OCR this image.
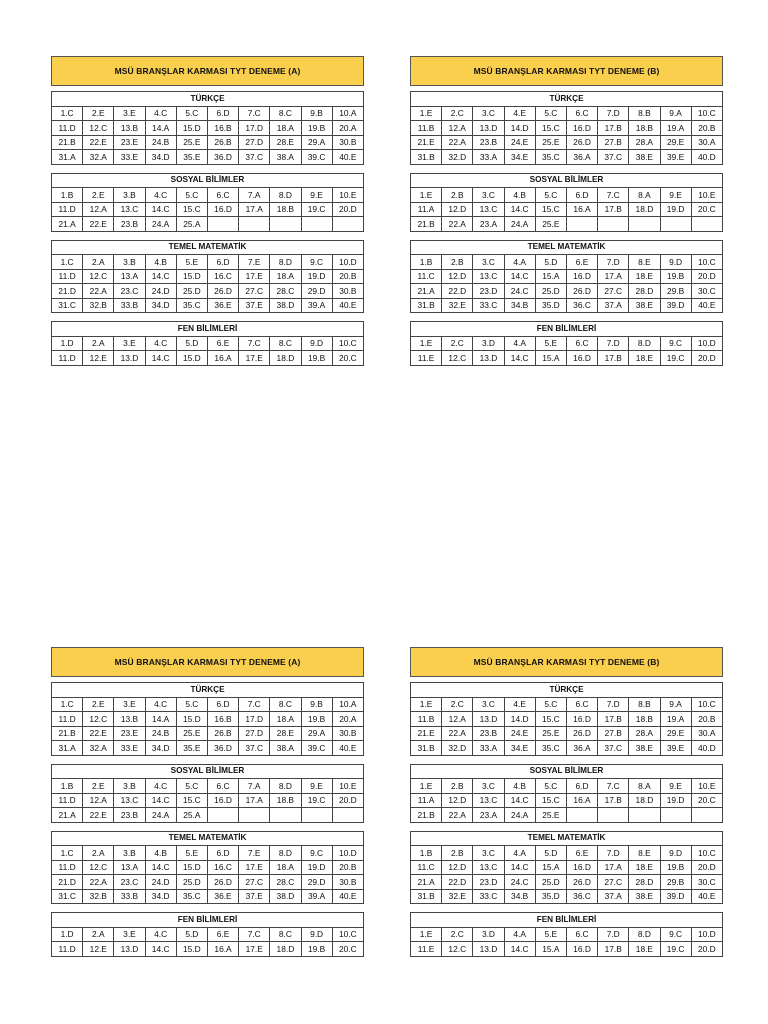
MSÜ BRANŞLAR KARMASI TYT DENEME (A)
TÜRKÇE									
1.C	2.E	3.E	4.C	5.C	6.D	7.C	8.C	9.B	10.A
11.D	12.C	13.B	14.A	15.D	16.B	17.D	18.A	19.B	20.A
21.B	22.E	23.E	24.B	25.E	26.B	27.D	28.E	29.A	30.B
31.A	32.A	33.E	34.D	35.E	36.D	37.C	38.A	39.C	40.E
SOSYAL BİLİMLER									
1.B	2.E	3.B	4.C	5.C	6.C	7.A	8.D	9.E	10.E
11.D	12.A	13.C	14.C	15.C	16.D	17.A	18.B	19.C	20.D
21.A	22.E	23.B	24.A	25.A					
TEMEL MATEMATİK									
1.C	2.A	3.B	4.B	5.E	6.D	7.E	8.D	9.C	10.D
11.D	12.C	13.A	14.C	15.D	16.C	17.E	18.A	19.D	20.B
21.D	22.A	23.C	24.D	25.D	26.D	27.C	28.C	29.D	30.B
31.C	32.B	33.B	34.D	35.C	36.E	37.E	38.D	39.A	40.E
FEN BİLİMLERİ									
1.D	2.A	3.E	4.C	5.D	6.E	7.C	8.C	9.D	10.C
11.D	12.E	13.D	14.C	15.D	16.A	17.E	18.D	19.B	20.C
MSÜ BRANŞLAR KARMASI TYT DENEME (B)
TÜRKÇE									
1.E	2.C	3.C	4.E	5.C	6.C	7.D	8.B	9.A	10.C
11.B	12.A	13.D	14.D	15.C	16.D	17.B	18.B	19.A	20.B
21.E	22.A	23.B	24.E	25.E	26.D	27.B	28.A	29.E	30.A
31.B	32.D	33.A	34.E	35.C	36.A	37.C	38.E	39.E	40.D
SOSYAL BİLİMLER									
1.E	2.B	3.C	4.B	5.C	6.D	7.C	8.A	9.E	10.E
11.A	12.D	13.C	14.C	15.C	16.A	17.B	18.D	19.D	20.C
21.B	22.A	23.A	24.A	25.E					
TEMEL MATEMATİK									
1.B	2.B	3.C	4.A	5.D	6.E	7.D	8.E	9.D	10.C
11.C	12.D	13.C	14.C	15.A	16.D	17.A	18.E	19.B	20.D
21.A	22.D	23.D	24.C	25.D	26.D	27.C	28.D	29.B	30.C
31.B	32.E	33.C	34.B	35.D	36.C	37.A	38.E	39.D	40.E
FEN BİLİMLERİ									
1.E	2.C	3.D	4.A	5.E	6.C	7.D	8.D	9.C	10.D
11.E	12.C	13.D	14.C	15.A	16.D	17.B	18.E	19.C	20.D
MSÜ BRANŞLAR KARMASI TYT DENEME (A)
TÜRKÇE									
1.C	2.E	3.E	4.C	5.C	6.D	7.C	8.C	9.B	10.A
11.D	12.C	13.B	14.A	15.D	16.B	17.D	18.A	19.B	20.A
21.B	22.E	23.E	24.B	25.E	26.B	27.D	28.E	29.A	30.B
31.A	32.A	33.E	34.D	35.E	36.D	37.C	38.A	39.C	40.E
SOSYAL BİLİMLER									
1.B	2.E	3.B	4.C	5.C	6.C	7.A	8.D	9.E	10.E
11.D	12.A	13.C	14.C	15.C	16.D	17.A	18.B	19.C	20.D
21.A	22.E	23.B	24.A	25.A					
TEMEL MATEMATİK									
1.C	2.A	3.B	4.B	5.E	6.D	7.E	8.D	9.C	10.D
11.D	12.C	13.A	14.C	15.D	16.C	17.E	18.A	19.D	20.B
21.D	22.A	23.C	24.D	25.D	26.D	27.C	28.C	29.D	30.B
31.C	32.B	33.B	34.D	35.C	36.E	37.E	38.D	39.A	40.E
FEN BİLİMLERİ									
1.D	2.A	3.E	4.C	5.D	6.E	7.C	8.C	9.D	10.C
11.D	12.E	13.D	14.C	15.D	16.A	17.E	18.D	19.B	20.C
MSÜ BRANŞLAR KARMASI TYT DENEME (B)
TÜRKÇE									
1.E	2.C	3.C	4.E	5.C	6.C	7.D	8.B	9.A	10.C
11.B	12.A	13.D	14.D	15.C	16.D	17.B	18.B	19.A	20.B
21.E	22.A	23.B	24.E	25.E	26.D	27.B	28.A	29.E	30.A
31.B	32.D	33.A	34.E	35.C	36.A	37.C	38.E	39.E	40.D
SOSYAL BİLİMLER									
1.E	2.B	3.C	4.B	5.C	6.D	7.C	8.A	9.E	10.E
11.A	12.D	13.C	14.C	15.C	16.A	17.B	18.D	19.D	20.C
21.B	22.A	23.A	24.A	25.E					
TEMEL MATEMATİK									
1.B	2.B	3.C	4.A	5.D	6.E	7.D	8.E	9.D	10.C
11.C	12.D	13.C	14.C	15.A	16.D	17.A	18.E	19.B	20.D
21.A	22.D	23.D	24.C	25.D	26.D	27.C	28.D	29.B	30.C
31.B	32.E	33.C	34.B	35.D	36.C	37.A	38.E	39.D	40.E
FEN BİLİMLERİ									
1.E	2.C	3.D	4.A	5.E	6.C	7.D	8.D	9.C	10.D
11.E	12.C	13.D	14.C	15.A	16.D	17.B	18.E	19.C	20.D
